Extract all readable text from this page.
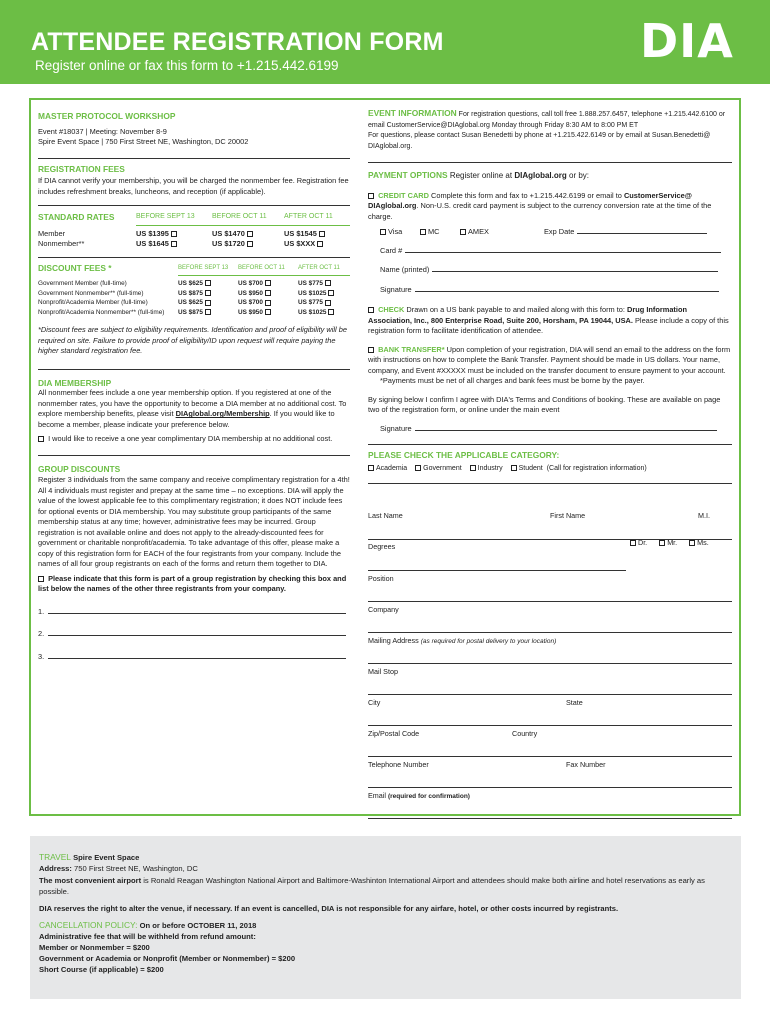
ATTENDEE REGISTRATION FORM
Register online or fax this form to +1.215.442.6199	DIA
MASTER PROTOCOL WORKSHOP
Event #18037 | Meeting: November 8-9
Spire Event Space | 750 First Street NE, Washington, DC 20002
REGISTRATION FEES
If DIA cannot verify your membership, you will be charged the nonmember fee. Registration fee includes refreshment breaks, luncheons, and reception (if applicable).
STANDARD RATES	BEFORE SEPT 13	BEFORE OCT 11	AFTER OCT 11
Member	US $1395	US $1470	US $1545
Nonmember**	US $1645	US $1720	US $XXX
DISCOUNT FEES *	BEFORE SEPT 13	BEFORE OCT 11	AFTER OCT 11
Government Member (full-time)	US $625	US $700	US $775
Government Nonmember** (full-time)	US $875	US $950	US $1025
Nonprofit/Academia Member (full-time)	US $625	US $700	US $775
Nonprofit/Academia Nonmember** (full-time)	US $875	US $950	US $1025
*Discount fees are subject to eligibility requirements. Identification and proof of eligibility will be required on site. Failure to provide proof of eligibility/ID upon request will require paying the higher standard registration fee.
DIA MEMBERSHIP
All nonmember fees include a one year membership option. If you registered at one of the nonmember rates, you have the opportunity to become a DIA member at no additional cost. To explore membership benefits, please visit DIAglobal.org/Membership. If you would like to become a member, please indicate your preference below.
I would like to receive a one year complimentary DIA membership at no additional cost.
GROUP DISCOUNTS
Register 3 individuals from the same company and receive complimentary registration for a 4th! All 4 individuals must register and prepay at the same time – no exceptions. DIA will apply the value of the lowest applicable fee to this complimentary registration; it does NOT include fees for optional events or DIA membership. You may substitute group participants of the same membership status at any time; however, administrative fees may be incurred. Group registration is not available online and does not apply to the already-discounted fees for government or charitable nonprofit/academia. To take advantage of this offer, please make a copy of this registration form for EACH of the four registrants from your company. Include the names of all four group registrants on each of the forms and return them together to DIA.
Please indicate that this form is part of a group registration by checking this box and list below the names of the other three registrants from your company.
1.
2.
3.
EVENT INFORMATION For registration questions, call toll free 1.888.257.6457, telephone +1.215.442.6100 or email CustomerService@DIAglobal.org Monday through Friday 8:30 AM to 8:00 PM ET
For questions, please contact Susan Benedetti by phone at +1.215.422.6149 or by email at Susan.Benedetti@ DIAglobal.org.
PAYMENT OPTIONS Register online at DIAglobal.org or by:
CREDIT CARD Complete this form and fax to +1.215.442.6199 or email to CustomerService@ DIAglobal.org. Non-U.S. credit card payment is subject to the currency conversion rate at the time of the charge.
Visa	MC	AMEX	Exp Date
Card #
Name (printed)
Signature
CHECK Drawn on a US bank payable to and mailed along with this form to: Drug Information Association, Inc., 800 Enterprise Road, Suite 200, Horsham, PA 19044, USA. Please include a copy of this registration form to facilitate identification of attendee.
BANK TRANSFER* Upon completion of your registration, DIA will send an email to the address on the form with instructions on how to complete the Bank Transfer. Payment should be made in US dollars. Your name, company, and Event #XXXXX must be included on the transfer document to ensure payment to your account.
*Payments must be net of all charges and bank fees must be borne by the payer.
By signing below I confirm I agree with DIA's Terms and Conditions of booking. These are available on page two of the registration form, or online under the main event
Signature
PLEASE CHECK THE APPLICABLE CATEGORY:
Academia	Government	Industry	Student (Call for registration information)
Last Name	First Name	M.I.
Degrees	Dr.	Mr.	Ms.
Position
Company
Mailing Address (as required for postal delivery to your location)
Mail Stop
City	State
Zip/Postal Code	Country
Telephone Number	Fax Number
Email (required for confirmation)
TRAVEL Spire Event Space
Address: 750 First Street NE, Washington, DC
The most convenient airport is Ronald Reagan Washington National Airport and Baltimore-Washinton International Airport and attendees should make both airline and hotel reservations as early as possible.
DIA reserves the right to alter the venue, if necessary. If an event is cancelled, DIA is not responsible for any airfare, hotel, or other costs incurred by registrants.
CANCELLATION POLICY: On or before OCTOBER 11, 2018
Administrative fee that will be withheld from refund amount:
Member or Nonmember = $200
Government or Academia or Nonprofit (Member or Nonmember) = $200
Short Course (if applicable) = $200
